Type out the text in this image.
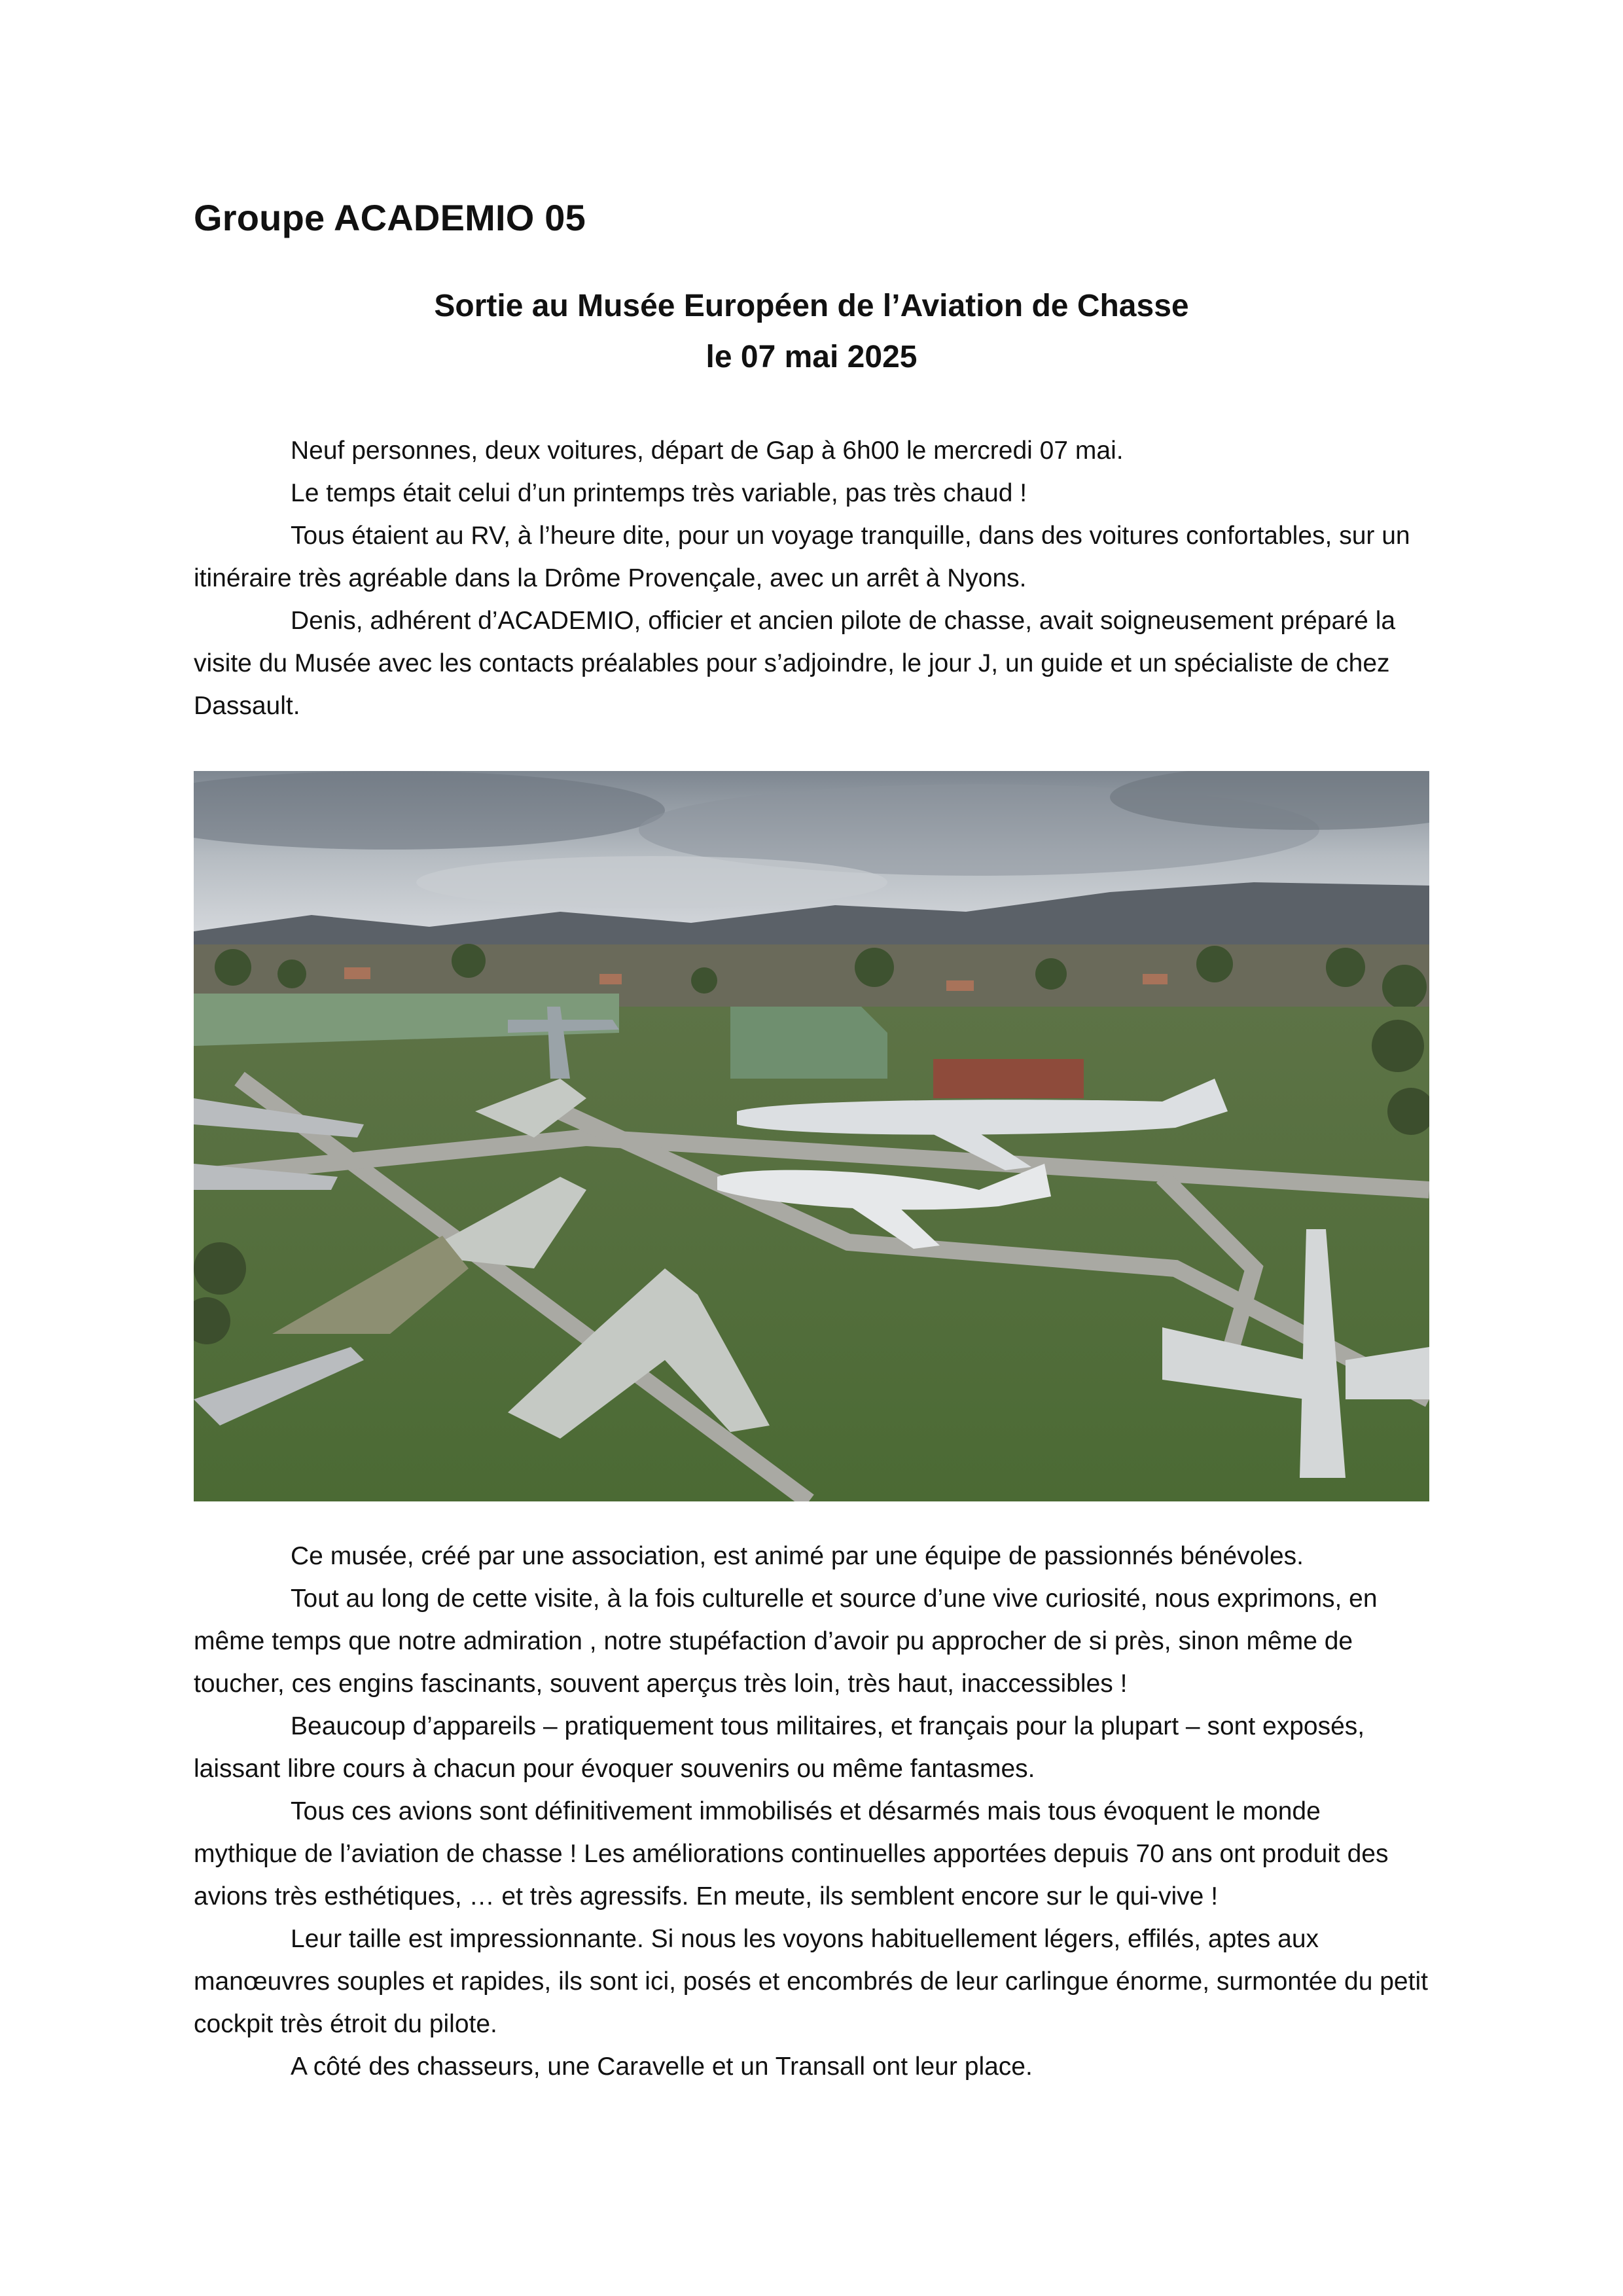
Groupe ACADEMIO 05
Sortie au Musée Européen de l’Aviation de Chasse
le 07 mai 2025

Neuf personnes, deux voitures, départ de Gap à 6h00 le mercredi 07 mai.

Le temps était celui d’un printemps très variable, pas très chaud !

Tous étaient au RV, à l’heure dite, pour un voyage tranquille, dans des voitures confortables, sur un itinéraire très agréable dans la Drôme Provençale, avec un arrêt à Nyons.

Denis, adhérent d’ACADEMIO, officier et ancien pilote de chasse, avait soigneusement préparé la visite du Musée avec les contacts préalables pour s’adjoindre, le jour J, un guide et un spécialiste de chez Dassault.

Ce musée, créé par une association, est animé par une équipe de passionnés bénévoles.

Tout au long de cette visite, à la fois culturelle et source d’une vive curiosité, nous exprimons, en même temps que notre admiration , notre stupéfaction d’avoir pu approcher de si près, sinon même de toucher, ces engins fascinants, souvent aperçus très loin, très haut, inaccessibles !

Beaucoup d’appareils – pratiquement tous militaires, et français pour la plupart – sont exposés, laissant libre cours à chacun pour évoquer souvenirs ou même fantasmes.

Tous ces avions sont définitivement immobilisés et désarmés mais tous évoquent le monde mythique de l’aviation de chasse ! Les améliorations continuelles apportées depuis 70 ans ont produit des avions très esthétiques, … et très agressifs. En meute, ils semblent encore sur le qui-vive !

Leur taille est impressionnante. Si nous les voyons habituellement légers, effilés, aptes aux manœuvres souples et rapides, ils sont ici, posés et encombrés de leur carlingue énorme, surmontée du petit cockpit très étroit du pilote.

A côté des chasseurs, une Caravelle et un Transall ont leur place.
